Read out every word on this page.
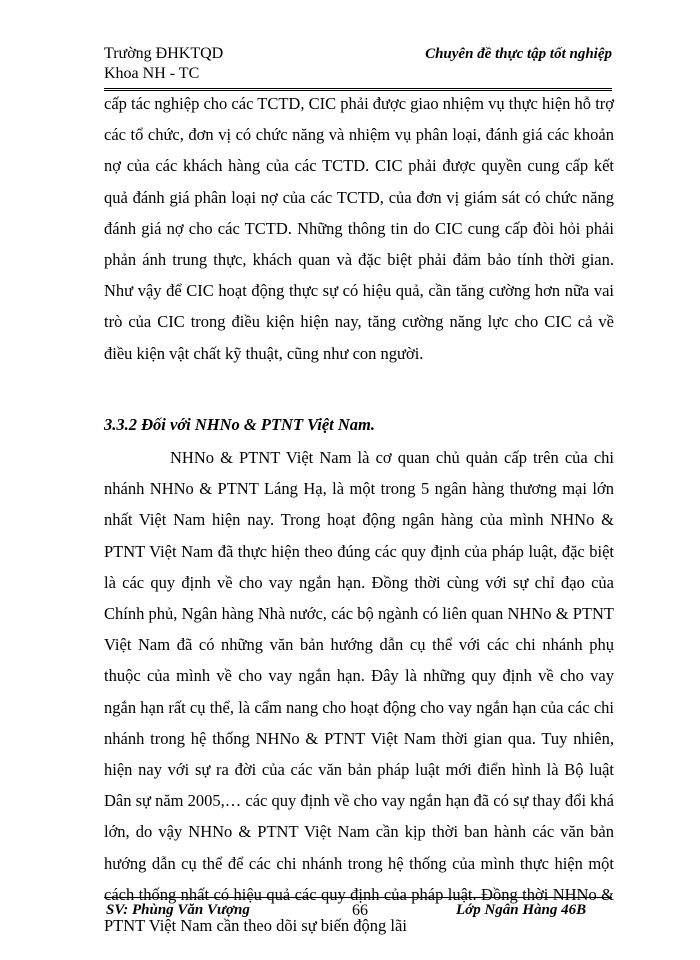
Trường ĐHKTQD
Khoa NH - TC
Chuyên đề thực tập tốt nghiệp

cấp tác nghiệp cho các TCTD, CIC phải được giao nhiệm vụ thực hiện hỗ trợ các tổ chức, đơn vị có chức năng và nhiệm vụ phân loại, đánh giá các khoản nợ của các khách hàng của các TCTD. CIC phải được quyền cung cấp kết quả đánh giá phân loại nợ của các TCTD, của đơn vị giám sát có chức năng đánh giá nợ cho các TCTD. Những thông tin do CIC cung cấp đòi hỏi phải phản ánh trung thực, khách quan và đặc biệt phải đảm bảo tính thời gian. Như vậy để CIC hoạt động thực sự có hiệu quả, cần tăng cường hơn nữa vai trò của CIC trong điều kiện hiện nay, tăng cường năng lực cho CIC cả về điều kiện vật chất kỹ thuật, cũng như con người.

3.3.2 Đối với NHNo & PTNT Việt Nam.

NHNo & PTNT Việt Nam là cơ quan chủ quản cấp trên của chi nhánh NHNo & PTNT Láng Hạ, là một trong 5 ngân hàng thương mại lớn nhất Việt Nam hiện nay. Trong hoạt động ngân hàng của mình NHNo & PTNT Việt Nam đã thực hiện theo đúng các quy định của pháp luật, đặc biệt là các quy định về cho vay ngắn hạn. Đồng thời cùng với sự chỉ đạo của Chính phủ, Ngân hàng Nhà nước, các bộ ngành có liên quan NHNo & PTNT Việt Nam đã có những văn bản hướng dẫn cụ thể với các chi nhánh phụ thuộc của mình về cho vay ngắn hạn. Đây là những quy định về cho vay ngắn hạn rất cụ thể, là cẩm nang cho hoạt động cho vay ngắn hạn của các chi nhánh trong hệ thống NHNo & PTNT Việt Nam thời gian qua. Tuy nhiên, hiện nay với sự ra đời của các văn bản pháp luật mới điển hình là Bộ luật Dân sự năm 2005,… các quy định về cho vay ngắn hạn đã có sự thay đổi khá lớn, do vậy NHNo & PTNT Việt Nam cần kịp thời ban hành các văn bản hướng dẫn cụ thể để các chi nhánh trong hệ thống của mình thực hiện một cách thống nhất có hiệu quả các quy định của pháp luật. Đồng thời NHNo & PTNT Việt Nam cần theo dõi sự biến động lãi

SV: Phùng Văn Vượng	66	Lớp Ngân Hàng 46B
